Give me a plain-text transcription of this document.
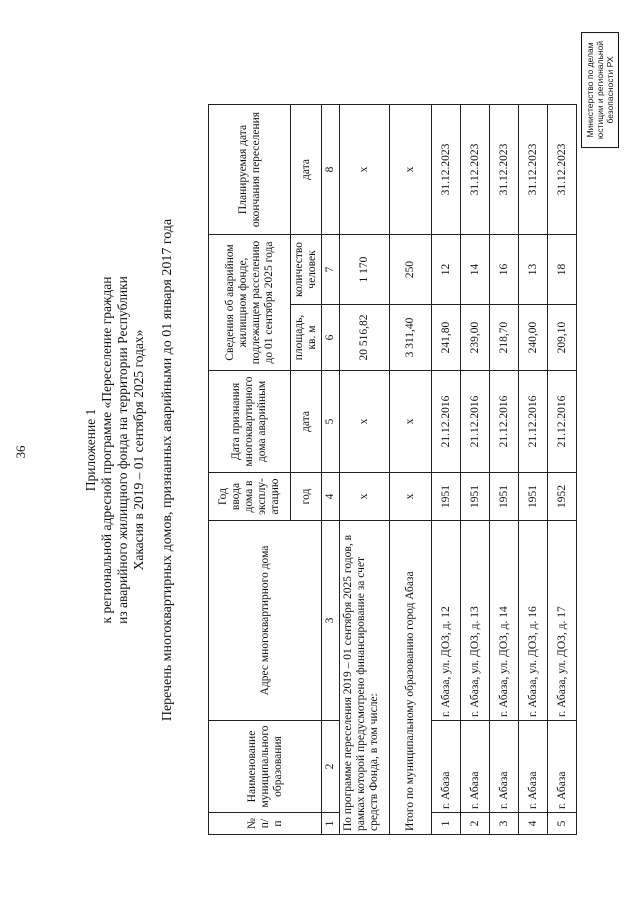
36	Приложение 1 к региональной адресной программе «Переселение граждан из аварийного жилищного фонда на территории Республики Хакасия в 2019 – 01 сентября 2025 годах» Перечень многоквартирных домов, признанных аварийными до 01 января 2017 года
№ п/п	Наименование муниципального образования	Адрес многоквартирного дома	Год ввода дома в эксплу-атацию	Дата признания многоквартирного дома аварийным	Сведения об аварийном жилищном фонде, подлежащем расселению до 01 сентября 2025 года		Планируемая дата окончания переселения
			год	дата	площадь, кв. м	количество человек	дата
1	2	3	4	5	6	7	8
По программе переселения 2019 – 01 сентября 2025 годов, в рамках которой предусмотрено финансирование за счет средств Фонда, в том числе:			x	x	20 516,82	1 170	x
Итого по муниципальному образованию город Абаза			x	x	3 311,40	250	x
1	г. Абаза	г. Абаза, ул. ДОЗ, д. 12	1951	21.12.2016	241,80	12	31.12.2023
2	г. Абаза	г. Абаза, ул. ДОЗ, д. 13	1951	21.12.2016	239,00	14	31.12.2023
3	г. Абаза	г. Абаза, ул. ДОЗ, д. 14	1951	21.12.2016	218,70	16	31.12.2023
4	г. Абаза	г. Абаза, ул. ДОЗ, д. 16	1951	21.12.2016	240,00	13	31.12.2023
5	г. Абаза	г. Абаза, ул. ДОЗ, д. 17	1952	21.12.2016	209,10	18	31.12.2023
Министерство по делам юстиции и региональной безопасности РХ
